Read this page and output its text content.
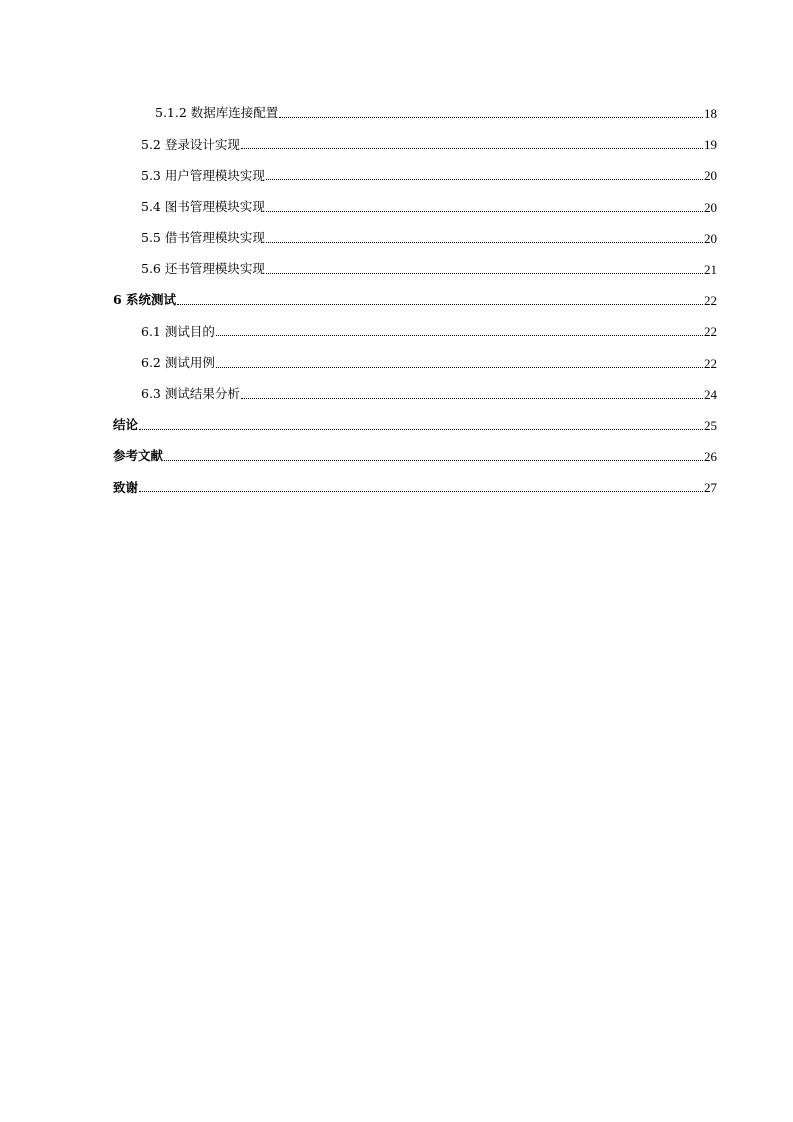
5.1.2 数据库连接配置	18
5.2 登录设计实现	19
5.3 用户管理模块实现	20
5.4 图书管理模块实现	20
5.5 借书管理模块实现	20
5.6 还书管理模块实现	21
6 系统测试	22
6.1 测试目的	22
6.2 测试用例	22
6.3 测试结果分析	24
结论	25
参考文献	26
致谢	27
